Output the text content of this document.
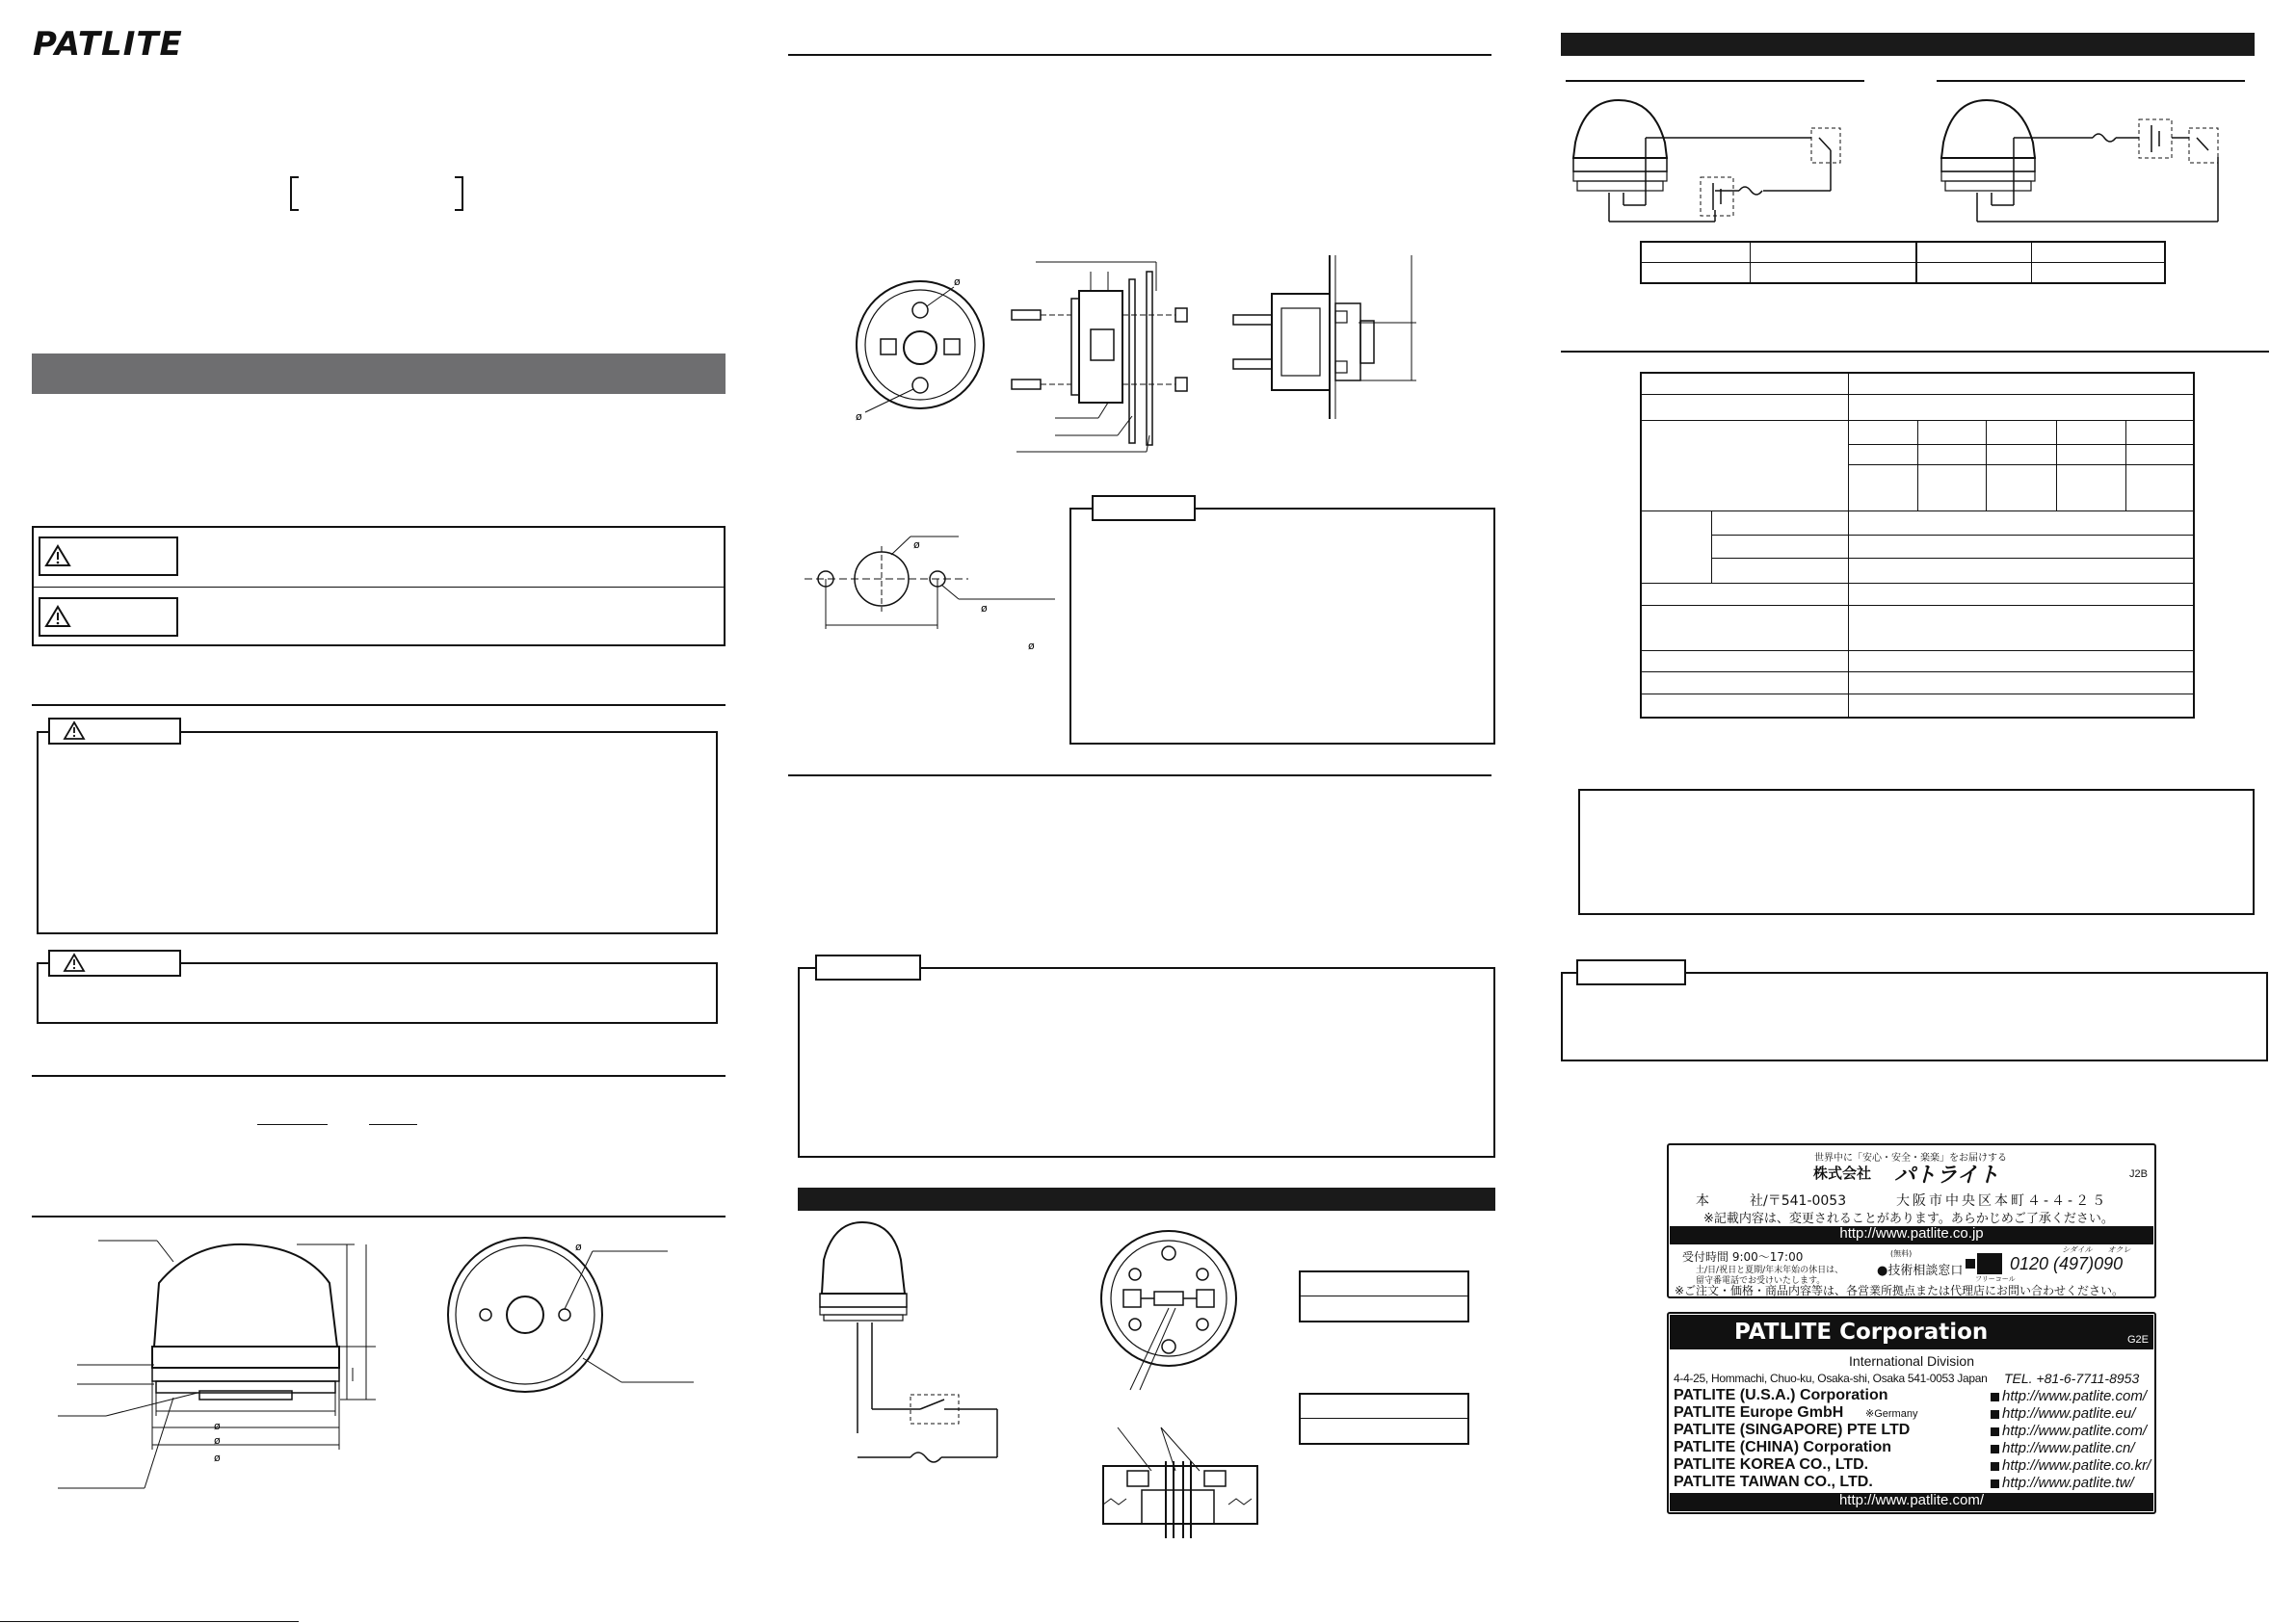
PATLITE
ø
ø
ø
ø
ø
ø
ø
ø
ø
世界中に「安心・安全・楽楽」をお届けする
株式会社 パトライト	J2B
本　　　社/〒541-0053	大阪市中央区本町４-４-２５
※記載内容は、変更されることがあります。あらかじめご了承ください。
http://www.patlite.co.jp
受付時間 9:00〜17:00
土/日/祝日と夏期/年末年始の休日は、
留守番電話でお受けいたします。
(無料)
●技術相談窓口
フリーコール
シダイル　　オクレ
0120 (497)090
※ご注文・価格・商品内容等は、各営業所拠点または代理店にお問い合わせください。
PATLITE Corporation	G2E
International Division
4-4-25, Hommachi, Chuo-ku, Osaka-shi, Osaka 541-0053 Japan TEL. +81-6-7711-8953
PATLITE (U.S.A.) Corporation	http://www.patlite.com/
PATLITE Europe GmbH ※Germany	http://www.patlite.eu/
PATLITE (SINGAPORE) PTE LTD	http://www.patlite.com/
PATLITE (CHINA) Corporation	http://www.patlite.cn/
PATLITE KOREA CO., LTD.	http://www.patlite.co.kr/
PATLITE TAIWAN CO., LTD.	http://www.patlite.tw/
http://www.patlite.com/
